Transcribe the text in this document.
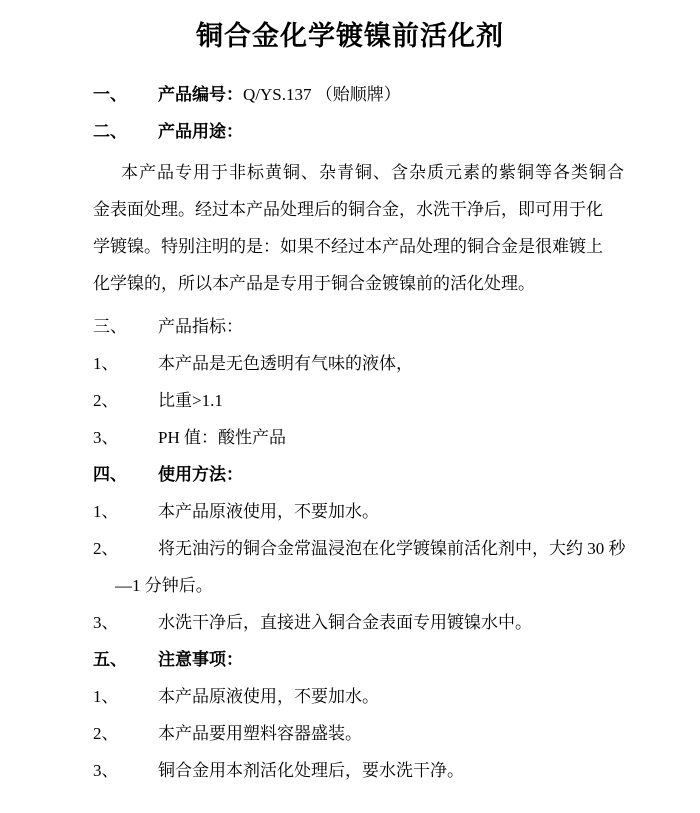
铜合金化学镀镍前活化剂
一、	产品编号：Q/YS.137 （贻顺牌）
二、	产品用途：
本产品专用于非标黄铜、杂青铜、含杂质元素的紫铜等各类铜合
金表面处理。经过本产品处理后的铜合金，水洗干净后，即可用于化
学镀镍。特别注明的是：如果不经过本产品处理的铜合金是很难镀上
化学镍的，所以本产品是专用于铜合金镀镍前的活化处理。
三、	产品指标：
1、	本产品是无色透明有气味的液体，
2、	比重>1.1
3、	PH 值：酸性产品
四、	使用方法：
1、	本产品原液使用，不要加水。
2、	将无油污的铜合金常温浸泡在化学镀镍前活化剂中，大约 30 秒
—1 分钟后。
3、	水洗干净后，直接进入铜合金表面专用镀镍水中。
五、	注意事项：
1、	本产品原液使用，不要加水。
2、	本产品要用塑料容器盛装。
3、	铜合金用本剂活化处理后，要水洗干净。
